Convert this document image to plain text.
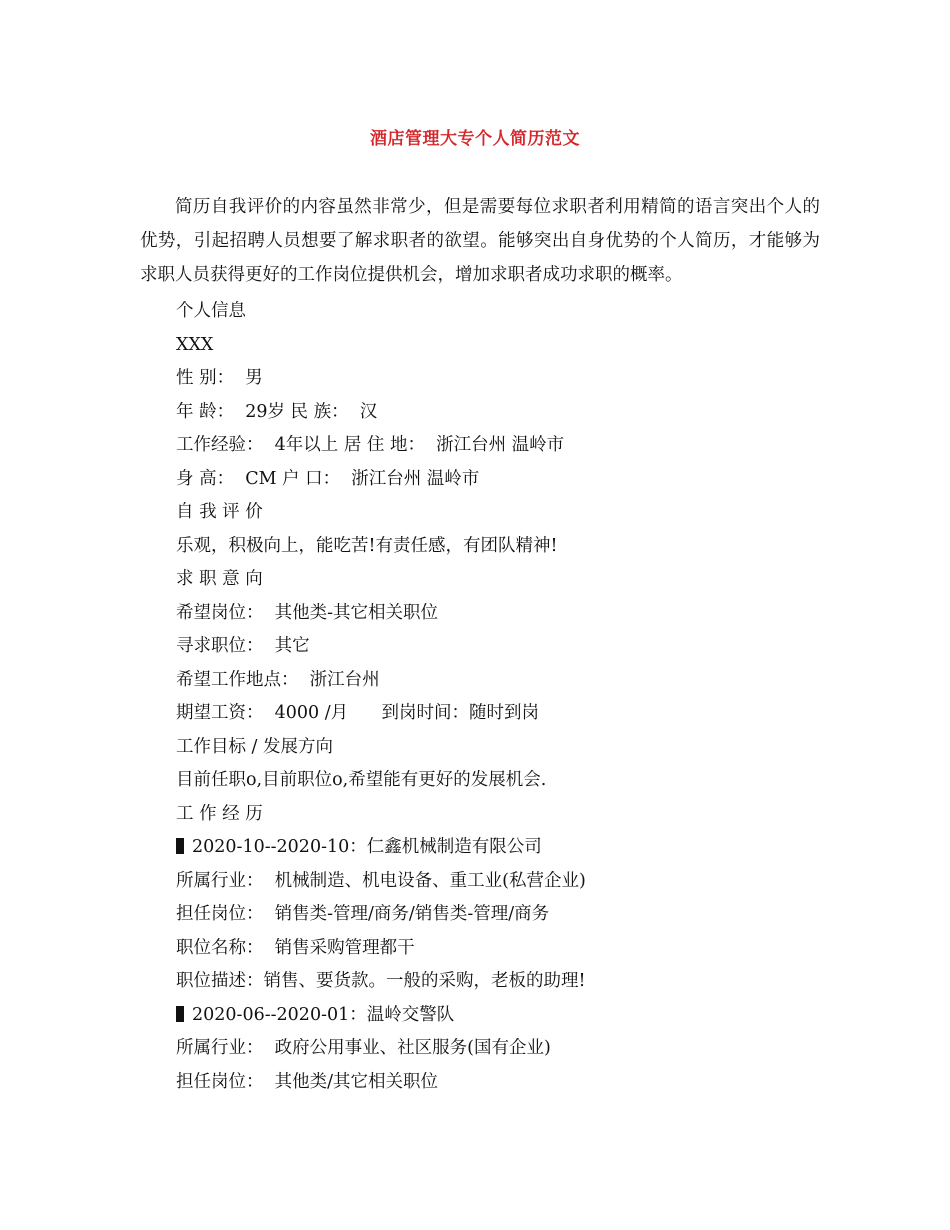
酒店管理大专个人简历范文

简历自我评价的内容虽然非常少，但是需要每位求职者利用精简的语言突出个人的优势，引起招聘人员想要了解求职者的欲望。能够突出自身优势的个人简历，才能够为求职人员获得更好的工作岗位提供机会，增加求职者成功求职的概率。

个人信息
XXX
性 别：  男
年 龄：  29岁 民 族：  汉
工作经验：  4年以上 居 住 地：  浙江台州 温岭市
身 高：  CM 户 口：  浙江台州 温岭市
自 我 评 价
乐观，积极向上，能吃苦!有责任感，有团队精神!
求 职 意 向
希望岗位：  其他类-其它相关职位
寻求职位：  其它
希望工作地点：  浙江台州
期望工资：  4000 /月      到岗时间：随时到岗
工作目标 / 发展方向
目前任职o,目前职位o,希望能有更好的发展机会.
工 作 经 历
2020-10--2020-10：仁鑫机械制造有限公司
所属行业：  机械制造、机电设备、重工业(私营企业)
担任岗位：  销售类-管理/商务/销售类-管理/商务
职位名称：  销售采购管理都干
职位描述：销售、要货款。一般的采购，老板的助理!
2020-06--2020-01：温岭交警队
所属行业：  政府公用事业、社区服务(国有企业)
担任岗位：  其他类/其它相关职位
